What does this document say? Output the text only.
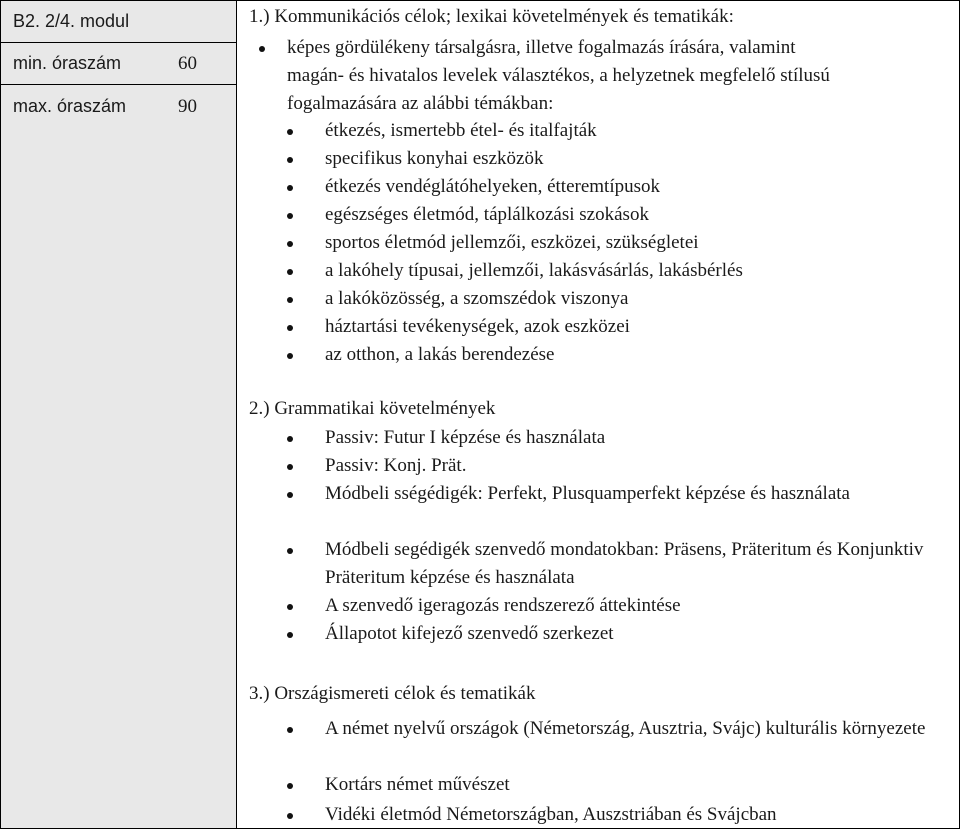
B2. 2/4. modul
min. óraszám	60
max. óraszám	90
1.) Kommunikációs célok; lexikai követelmények és tematikák:
képes gördülékeny társalgásra, illetve fogalmazás írására, valamint
magán- és hivatalos levelek választékos, a helyzetnek megfelelő stílusú
fogalmazására az alábbi témákban:
étkezés, ismertebb étel- és italfajták
specifikus konyhai eszközök
étkezés vendéglátóhelyeken, étteremtípusok
egészséges életmód, táplálkozási szokások
sportos életmód jellemzői, eszközei, szükségletei
a lakóhely típusai, jellemzői, lakásvásárlás, lakásbérlés
a lakóközösség, a szomszédok viszonya
háztartási tevékenységek, azok eszközei
az otthon, a lakás berendezése
2.) Grammatikai követelmények
Passiv: Futur I képzése és használata
Passiv: Konj. Prät.
Módbeli sségédigék: Perfekt, Plusquamperfekt képzése és használata
Módbeli segédigék szenvedő mondatokban: Präsens, Präteritum és Konjunktiv Präteritum képzése és használata
A szenvedő igeragozás rendszerező áttekintése
Állapotot kifejező szenvedő szerkezet
3.) Országismereti célok és tematikák
A német nyelvű országok (Németország, Ausztria, Svájc) kulturális környezete
Kortárs német művészet
Vidéki életmód Németországban, Auszstriában és Svájcban
